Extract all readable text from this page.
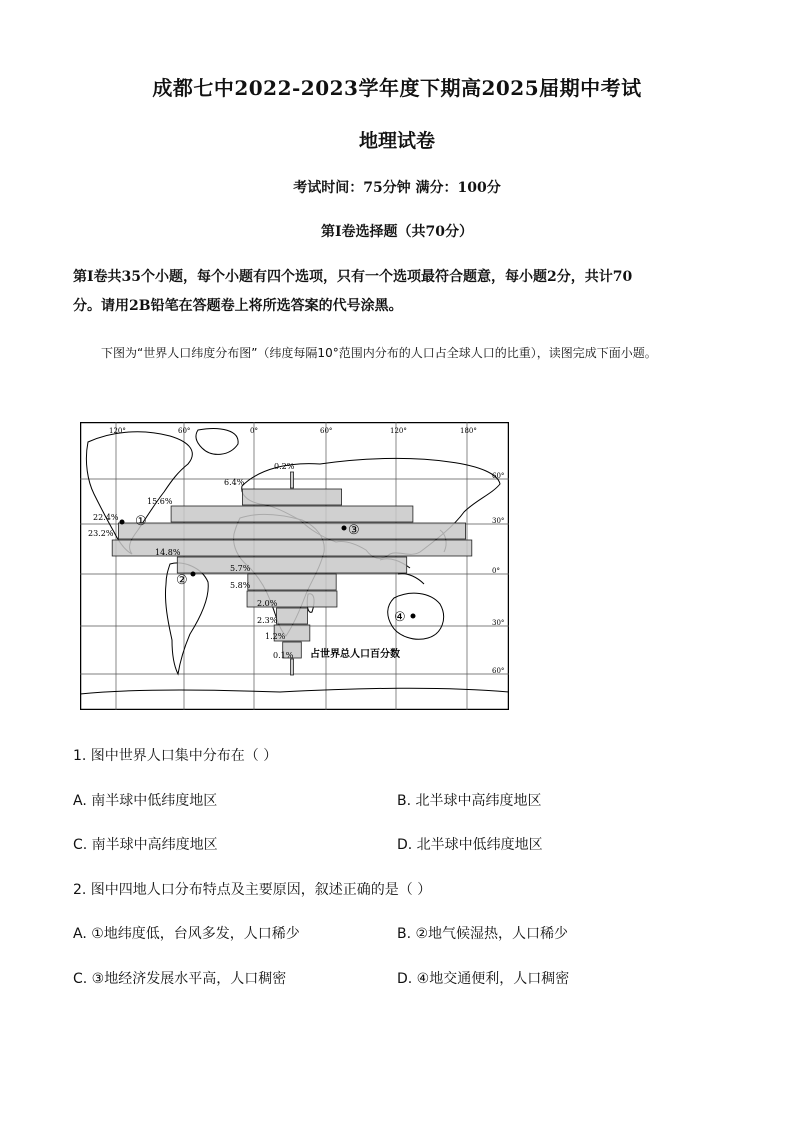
成都七中2022-2023学年度下期高2025届期中考试
地理试卷
考试时间：75分钟 满分：100分
第Ⅰ卷选择题（共70分）

第Ⅰ卷共35个小题，每个小题有四个选项，只有一个选项最符合题意，每小题2分，共计70

分。请用2B铅笔在答题卷上将所选答案的代号涂黑。

下图为“世界人口纬度分布图”（纬度每隔10°范围内分布的人口占全球人口的比重），读图完成下面小题。
0.2%
6.4%
15.6%
22.4%
23.2%
14.8%
5.7%
5.8%
2.0%
2.3%
1.2%
0.1%
120°	60°	0°	60°	120°	180°
60°
30°
0°
30°
60°
①
②
③
④
占世界总人口百分数
1. 图中世界人口集中分布在（ ）
A. 南半球中低纬度地区	B. 北半球中高纬度地区
C. 南半球中高纬度地区	D. 北半球中低纬度地区
2. 图中四地人口分布特点及主要原因，叙述正确的是（ ）
A. ①地纬度低，台风多发，人口稀少	B. ②地气候湿热，人口稀少
C. ③地经济发展水平高，人口稠密	D. ④地交通便利，人口稠密
